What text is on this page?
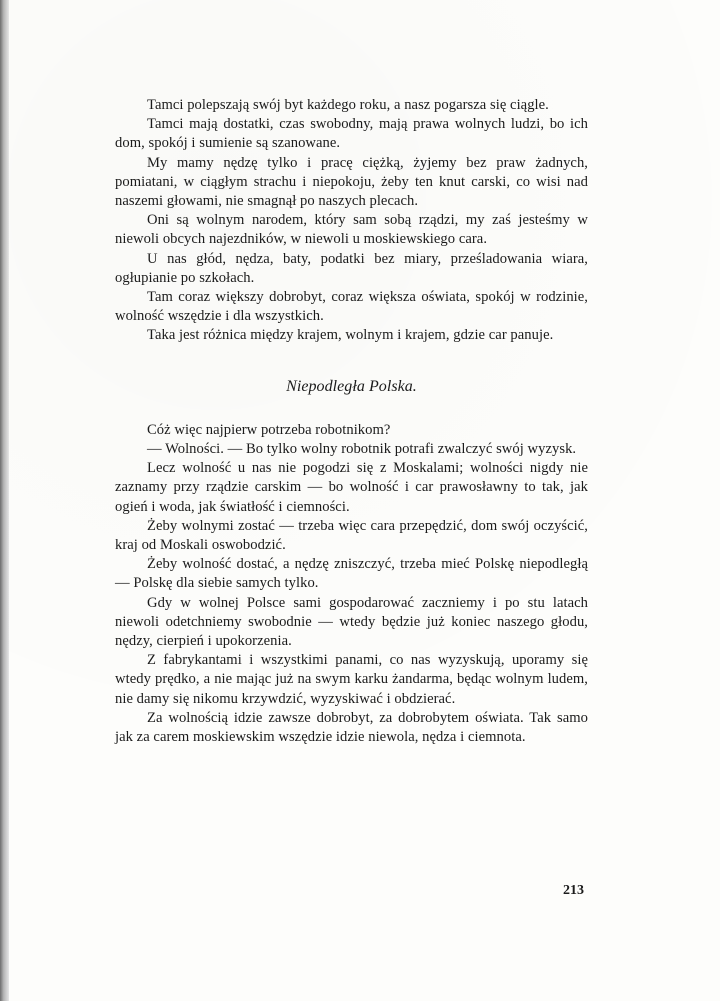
Tamci polepszają swój byt każdego roku, a nasz pogarsza się ciągle.

Tamci mają dostatki, czas swobodny, mają prawa wolnych ludzi, bo ich dom, spokój i sumienie są szanowane.

My mamy nędzę tylko i pracę ciężką, żyjemy bez praw żadnych, pomiatani, w ciągłym strachu i niepokoju, żeby ten knut carski, co wisi nad naszemi głowami, nie smagnął po naszych plecach.

Oni są wolnym narodem, który sam sobą rządzi, my zaś jesteśmy w niewoli obcych najezdników, w niewoli u moskiewskiego cara.

U nas głód, nędza, baty, podatki bez miary, prześladowania wiara, ogłupianie po szkołach.

Tam coraz większy dobrobyt, coraz większa oświata, spokój w rodzinie, wolność wszędzie i dla wszystkich.

Taka jest różnica między krajem, wolnym i krajem, gdzie car panuje.

Niepodległa Polska.

Cóż więc najpierw potrzeba robotnikom?

— Wolności. — Bo tylko wolny robotnik potrafi zwalczyć swój wyzysk.

Lecz wolność u nas nie pogodzi się z Moskalami; wolności nigdy nie zaznamy przy rządzie carskim — bo wolność i car prawosławny to tak, jak ogień i woda, jak światłość i ciemności.

Żeby wolnymi zostać — trzeba więc cara przepędzić, dom swój oczyścić, kraj od Moskali oswobodzić.

Żeby wolność dostać, a nędzę zniszczyć, trzeba mieć Polskę niepodległą — Polskę dla siebie samych tylko.

Gdy w wolnej Polsce sami gospodarować zaczniemy i po stu latach niewoli odetchniemy swobodnie — wtedy będzie już koniec naszego głodu, nędzy, cierpień i upokorzenia.

Z fabrykantami i wszystkimi panami, co nas wyzyskują, uporamy się wtedy prędko, a nie mając już na swym karku żandarma, będąc wolnym ludem, nie damy się nikomu krzywdzić, wyzyskiwać i obdzierać.

Za wolnością idzie zawsze dobrobyt, za dobrobytem oświata. Tak samo jak za carem moskiewskim wszędzie idzie niewola, nędza i ciemnota.

213
